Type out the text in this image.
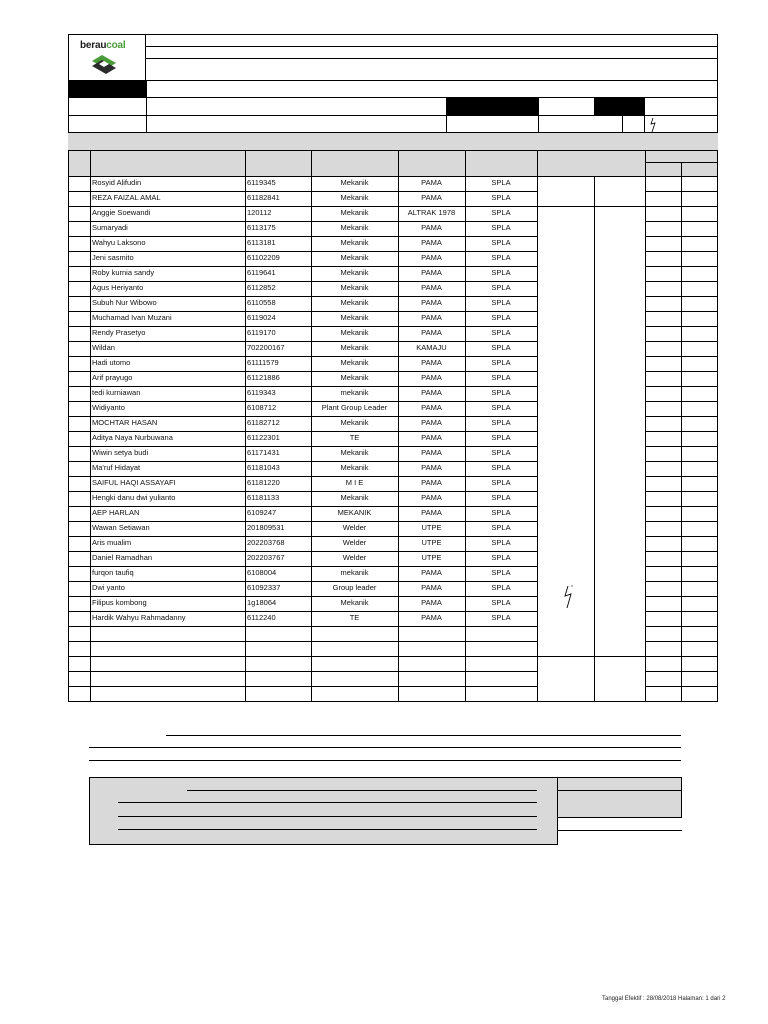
beraucoal
Rosyid Alifudin	6119345	Mekanik	PAMA	SPLA
REZA FAIZAL AMAL	61182841	Mekanik	PAMA	SPLA
Anggie Soewandi	120112	Mekanik	ALTRAK 1978	SPLA
Sumaryadi	6113175	Mekanik	PAMA	SPLA
Wahyu Laksono	6113181	Mekanik	PAMA	SPLA
Jeni sasmito	61102209	Mekanik	PAMA	SPLA
Roby kurnia sandy	6119641	Mekanik	PAMA	SPLA
Agus Heriyanto	6112852	Mekanik	PAMA	SPLA
Subuh Nur Wibowo	6110558	Mekanik	PAMA	SPLA
Muchamad Ivan Muzani	6119024	Mekanik	PAMA	SPLA
Rendy Prasetyo	6119170	Mekanik	PAMA	SPLA
Wildan	702200167	Mekanik	KAMAJU	SPLA
Hadi utomo	61111579	Mekanik	PAMA	SPLA
Arif prayugo	61121886	Mekanik	PAMA	SPLA
tedi kurniawan	6119343	mekanik	PAMA	SPLA
Widiyanto	6108712	Plant Group Leader	PAMA	SPLA
MOCHTAR HASAN	61182712	Mekanik	PAMA	SPLA
Aditya Naya Nurbuwana	61122301	TE	PAMA	SPLA
Wiwin setya budi	61171431	Mekanik	PAMA	SPLA
Ma'ruf Hidayat	61181043	Mekanik	PAMA	SPLA
SAIFUL HAQI ASSAYAFI	61181220	M I E	PAMA	SPLA
Hengki danu dwi yulianto	61181133	Mekanik	PAMA	SPLA
AEP HARLAN	6109247	MEKANIK	PAMA	SPLA
Wawan Setiawan	201809531	Welder	UTPE	SPLA
Aris mualim	202203768	Welder	UTPE	SPLA
Daniel Ramadhan	202203767	Welder	UTPE	SPLA
furqon taufiq	6108004	mekanik	PAMA	SPLA
Dwi yanto	61092337	Group leader	PAMA	SPLA
Filipus kombong	1g18064	Mekanik	PAMA	SPLA
Hardik Wahyu Rahmadanny	6112240	TE	PAMA	SPLA
Tanggal Efektif : 28/08/2018 Halaman: 1 dari 2
